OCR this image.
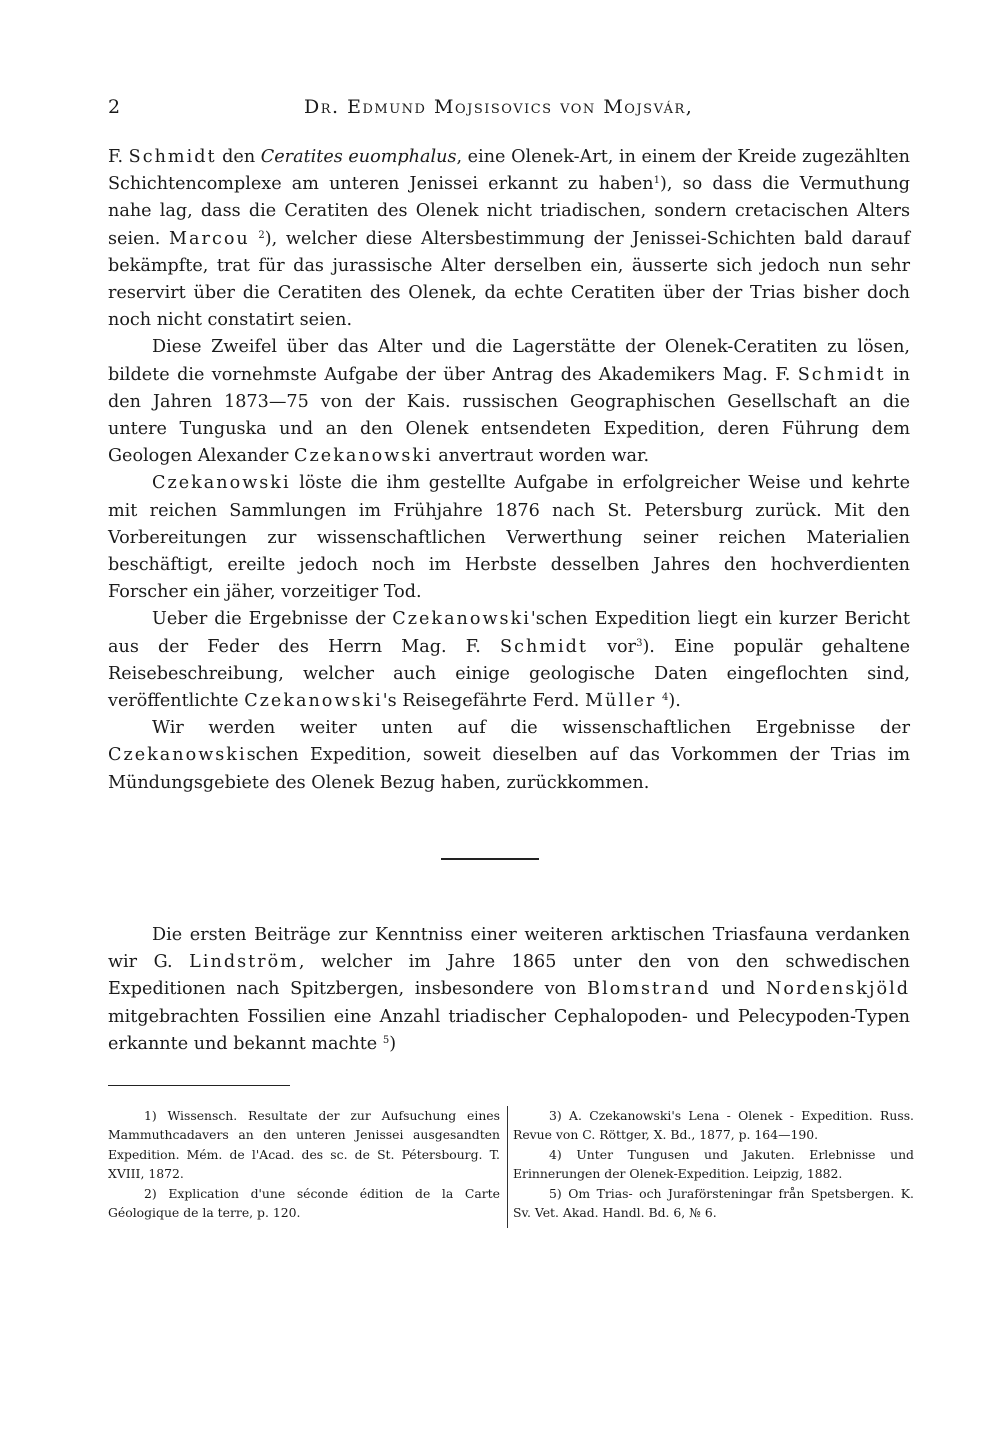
2	Dr. Edmund Mojsisovics von Mojsvár,

F. Schmidt den Ceratites euomphalus, eine Olenek-Art, in einem der Kreide zugezählten Schichtencomplexe am unteren Jenissei erkannt zu haben$^1$), so dass die Vermuthung nahe lag, dass die Ceratiten des Olenek nicht triadischen, sondern cretacischen Alters seien. Marcou $^2$), welcher diese Altersbestimmung der Jenissei-Schichten bald darauf bekämpfte, trat für das jurassische Alter derselben ein, äusserte sich jedoch nun sehr reservirt über die Ceratiten des Olenek, da echte Ceratiten über der Trias bisher doch noch nicht constatirt seien.

Diese Zweifel über das Alter und die Lagerstätte der Olenek-Ceratiten zu lösen, bildete die vornehmste Aufgabe der über Antrag des Akademikers Mag. F. Schmidt in den Jahren 1873—75 von der Kais. russischen Geographischen Gesellschaft an die untere Tunguska und an den Olenek entsendeten Expedition, deren Führung dem Geologen Alexander Czekanowski anvertraut worden war.

Czekanowski löste die ihm gestellte Aufgabe in erfolgreicher Weise und kehrte mit reichen Sammlungen im Frühjahre 1876 nach St. Petersburg zurück. Mit den Vorbereitungen zur wissenschaftlichen Verwerthung seiner reichen Materialien beschäftigt, ereilte jedoch noch im Herbste desselben Jahres den hochverdienten Forscher ein jäher, vorzeitiger Tod.

Ueber die Ergebnisse der Czekanowski'schen Expedition liegt ein kurzer Bericht aus der Feder des Herrn Mag. F. Schmidt vor$^3$). Eine populär gehaltene Reisebeschreibung, welcher auch einige geologische Daten eingeflochten sind, veröffentlichte Czekanowski's Reisegefährte Ferd. Müller $^4$).

Wir werden weiter unten auf die wissenschaftlichen Ergebnisse der Czekanowskischen Expedition, soweit dieselben auf das Vorkommen der Trias im Mündungsgebiete des Olenek Bezug haben, zurückkommen.

Die ersten Beiträge zur Kenntniss einer weiteren arktischen Triasfauna verdanken wir G. Lindström, welcher im Jahre 1865 unter den von den schwedischen Expeditionen nach Spitzbergen, insbesondere von Blomstrand und Nordenskjöld mitgebrachten Fossilien eine Anzahl triadischer Cephalopoden- und Pelecypoden-Typen erkannte und bekannt machte $^5$)

1) Wissensch. Resultate der zur Aufsuchung eines Mammuthcadavers an den unteren Jenissei ausgesandten Expedition. Mém. de l'Acad. des sc. de St. Pétersbourg. T. XVIII, 1872.

2) Explication d'une séconde édition de la Carte Géologique de la terre, p. 120.

3) A. Czekanowski's Lena - Olenek - Expedition. Russ. Revue von C. Röttger, X. Bd., 1877, p. 164—190.

4) Unter Tungusen und Jakuten. Erlebnisse und Erinnerungen der Olenek-Expedition. Leipzig, 1882.

5) Om Trias- och Juraförsteningar från Spetsbergen. K. Sv. Vet. Akad. Handl. Bd. 6, № 6.
